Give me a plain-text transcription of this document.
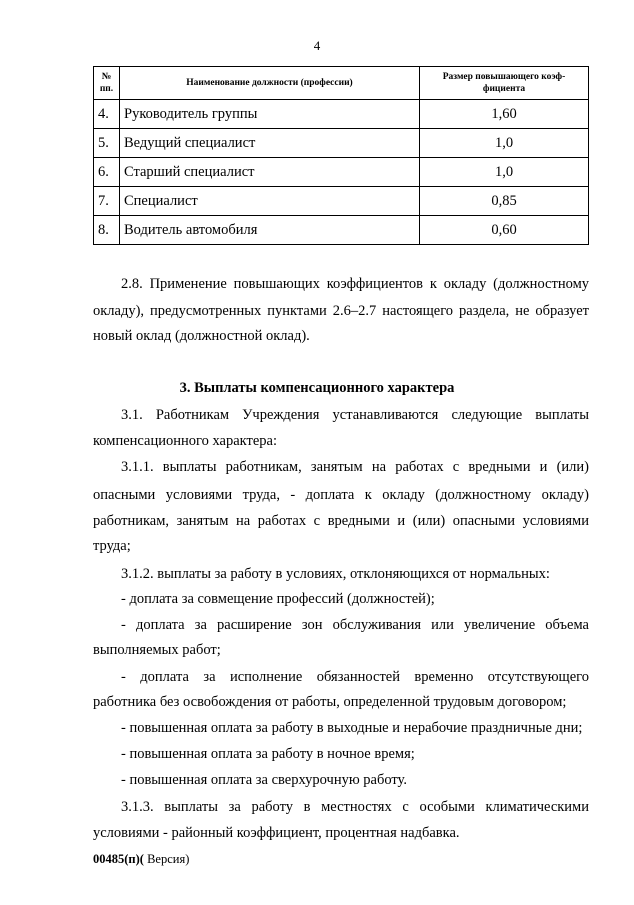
4
№ пп.	Наименование должности (профессии)	Размер повышающего коэф-фициента
4.	Руководитель группы	1,60
5.	Ведущий специалист	1,0
6.	Старший специалист	1,0
7.	Специалист	0,85
8.	Водитель автомобиля	0,60

2.8. Применение повышающих коэффициентов к окладу (должностному

окладу), предусмотренных пунктами 2.6–2.7 настоящего раздела, не образует

новый оклад (должностной оклад).

3. Выплаты компенсационного характера

3.1. Работникам Учреждения устанавливаются следующие выплаты

компенсационного характера:

3.1.1. выплаты работникам, занятым на работах с вредными и (или)

опасными условиями труда, - доплата к окладу (должностному окладу)

работникам, занятым на работах с вредными и (или) опасными условиями

труда;

3.1.2. выплаты за работу в условиях, отклоняющихся от нормальных:

- доплата за совмещение профессий (должностей);

- доплата за расширение зон обслуживания или увеличение объема

выполняемых работ;

- доплата за исполнение обязанностей временно отсутствующего

работника без освобождения от работы, определенной трудовым договором;

- повышенная оплата за работу в выходные и нерабочие праздничные дни;

- повышенная оплата за работу в ночное время;

- повышенная оплата за сверхурочную работу.

3.1.3. выплаты за работу в местностях с особыми климатическими

условиями - районный коэффициент, процентная надбавка.

00485(п)( Версия)
